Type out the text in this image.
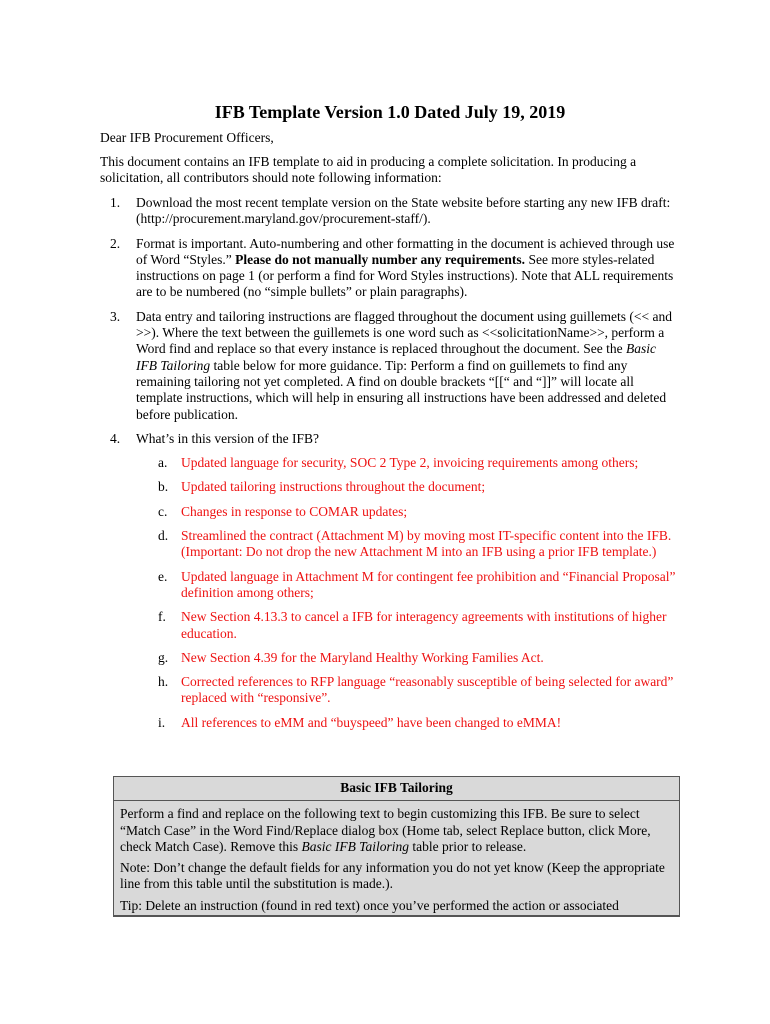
IFB Template Version 1.0 Dated July 19, 2019

Dear IFB Procurement Officers,

This document contains an IFB template to aid in producing a complete solicitation. In producing a solicitation, all contributors should note following information:

1.	Download the most recent template version on the State website before starting any new IFB draft: (http://procurement.maryland.gov/procurement-staff/).
2.	Format is important. Auto-numbering and other formatting in the document is achieved through use of Word “Styles.” Please do not manually number any requirements. See more styles-related instructions on page 1 (or perform a find for Word Styles instructions). Note that ALL requirements are to be numbered (no “simple bullets” or plain paragraphs).
3.	Data entry and tailoring instructions are flagged throughout the document using guillemets (<< and >>). Where the text between the guillemets is one word such as <<solicitationName>>, perform a Word find and replace so that every instance is replaced throughout the document. See the Basic IFB Tailoring table below for more guidance. Tip: Perform a find on guillemets to find any remaining tailoring not yet completed. A find on double brackets “[[“ and “]]” will locate all template instructions, which will help in ensuring all instructions have been addressed and deleted before publication.
4.	What’s in this version of the IFB?
a. Updated language for security, SOC 2 Type 2, invoicing requirements among others;
b. Updated tailoring instructions throughout the document;
c. Changes in response to COMAR updates;
d. Streamlined the contract (Attachment M) by moving most IT-specific content into the IFB. (Important: Do not drop the new Attachment M into an IFB using a prior IFB template.)
e. Updated language in Attachment M for contingent fee prohibition and “Financial Proposal” definition among others;
f. New Section 4.13.3 to cancel a IFB for interagency agreements with institutions of higher education.
g. New Section 4.39 for the Maryland Healthy Working Families Act.
h. Corrected references to RFP language “reasonably susceptible of being selected for award” replaced with “responsive”.
i. All references to eMM and “buyspeed” have been changed to eMMA!
Basic IFB Tailoring

Perform a find and replace on the following text to begin customizing this IFB. Be sure to select “Match Case” in the Word Find/Replace dialog box (Home tab, select Replace button, click More, check Match Case). Remove this Basic IFB Tailoring table prior to release.

Note: Don’t change the default fields for any information you do not yet know (Keep the appropriate line from this table until the substitution is made.).

Tip: Delete an instruction (found in red text) once you’ve performed the action or associated
